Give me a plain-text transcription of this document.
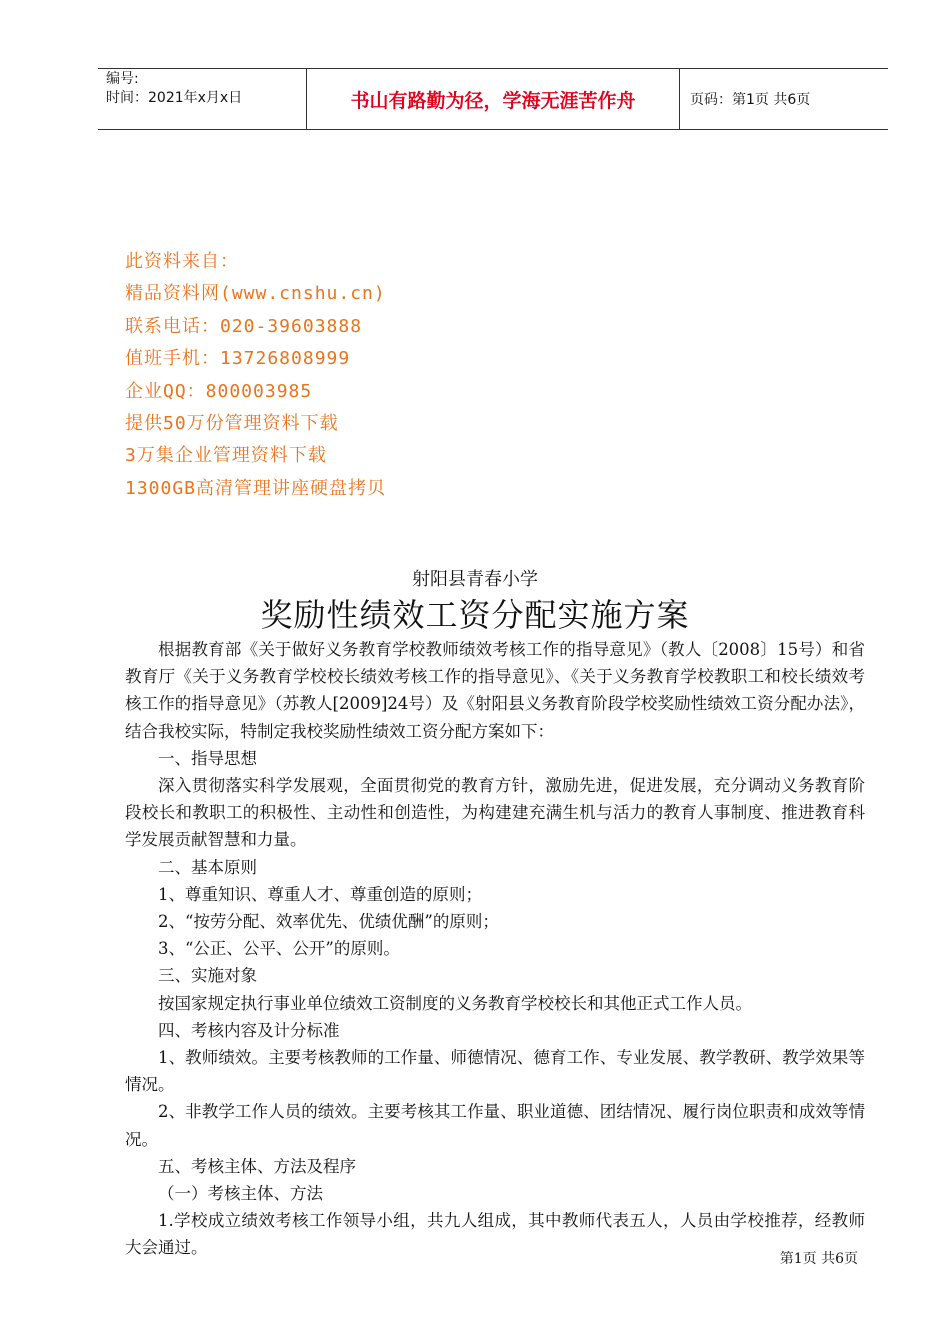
编号:
时间：2021年x月x日	书山有路勤为径，学海无涯苦作舟	页码：第1页 共6页
此资料来自：
精品资料网(www.cnshu.cn)
联系电话：020-39603888
值班手机：13726808999
企业QQ：800003985
提供50万份管理资料下载
3万集企业管理资料下载
1300GB高清管理讲座硬盘拷贝
射阳县青春小学
奖励性绩效工资分配实施方案

根据教育部《关于做好义务教育学校教师绩效考核工作的指导意见》（教人〔2008〕15号）和省教育厅《关于义务教育学校校长绩效考核工作的指导意见》、《关于义务教育学校教职工和校长绩效考核工作的指导意见》（苏教人[2009]24号）及《射阳县义务教育阶段学校奖励性绩效工资分配办法》，结合我校实际，特制定我校奖励性绩效工资分配方案如下：

一、指导思想

深入贯彻落实科学发展观，全面贯彻党的教育方针，激励先进，促进发展，充分调动义务教育阶段校长和教职工的积极性、主动性和创造性，为构建建充满生机与活力的教育人事制度、推进教育科学发展贡献智慧和力量。

二、基本原则

1、尊重知识、尊重人才、尊重创造的原则；

2、“按劳分配、效率优先、优绩优酬”的原则；

3、“公正、公平、公开”的原则。

三、实施对象

按国家规定执行事业单位绩效工资制度的义务教育学校校长和其他正式工作人员。

四、考核内容及计分标准

1、教师绩效。主要考核教师的工作量、师德情况、德育工作、专业发展、教学教研、教学效果等情况。

2、非教学工作人员的绩效。主要考核其工作量、职业道德、团结情况、履行岗位职责和成效等情况。

五、考核主体、方法及程序

（一）考核主体、方法

1.学校成立绩效考核工作领导小组，共九人组成，其中教师代表五人，人员由学校推荐，经教师大会通过。

第1页 共6页
